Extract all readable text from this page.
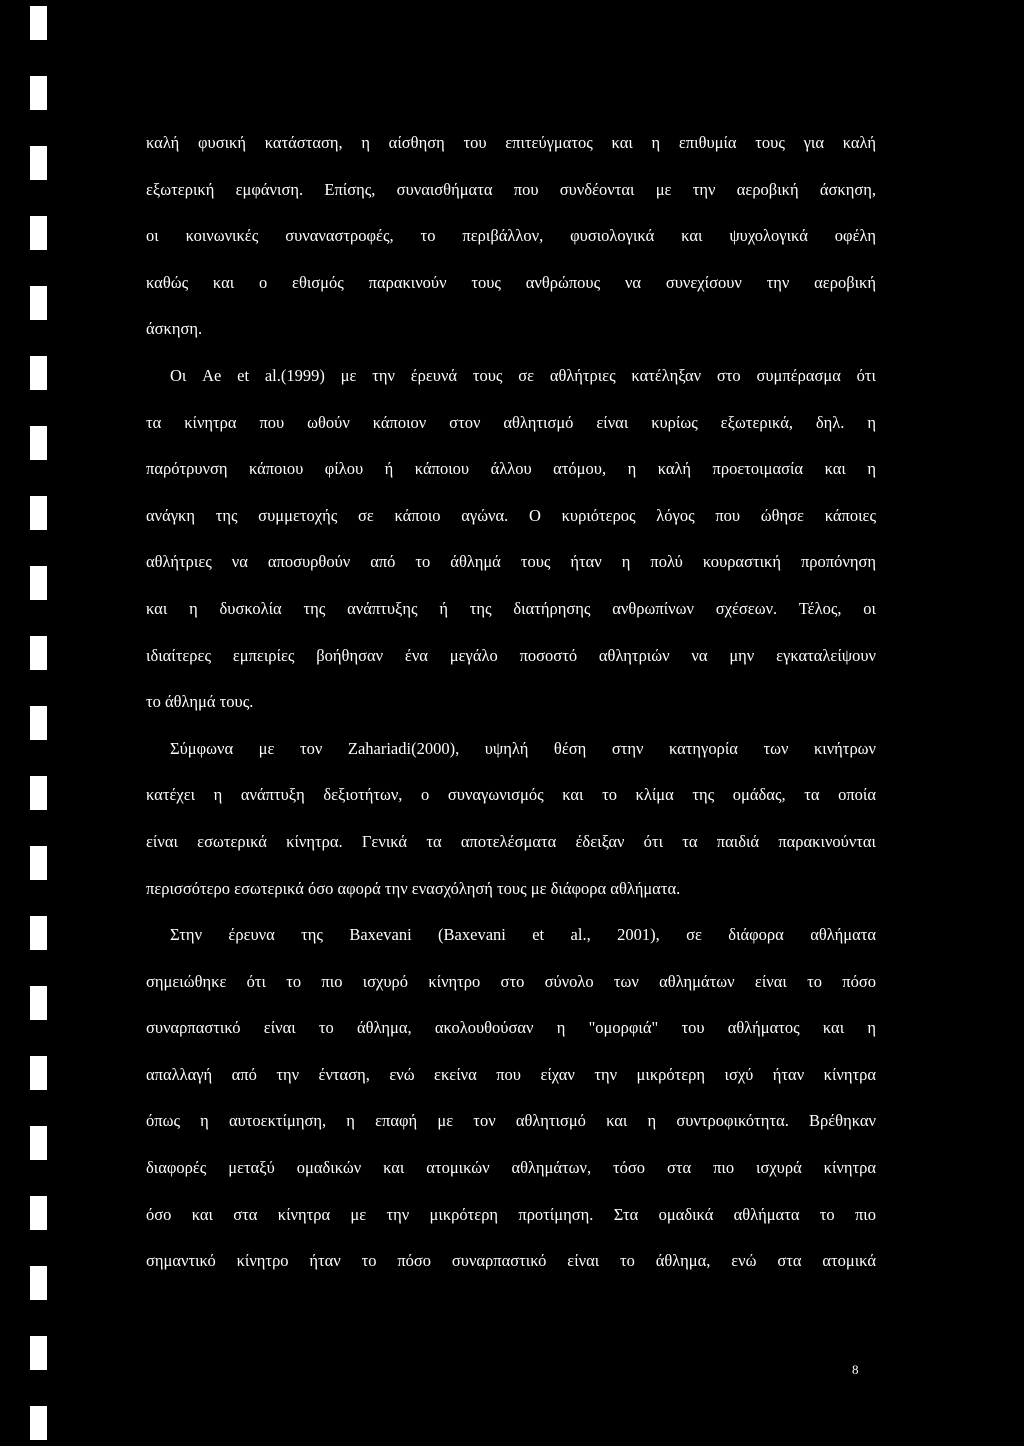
καλή φυσική κατάσταση, η αίσθηση του επιτεύγματος και η επιθυμία τους για καλή
εξωτερική εμφάνιση. Επίσης, συναισθήματα που συνδέονται με την αεροβική άσκηση,
οι κοινωνικές συναναστροφές, το περιβάλλον, φυσιολογικά και ψυχολογικά οφέλη
καθώς και ο εθισμός παρακινούν τους ανθρώπους να συνεχίσουν την αεροβική
άσκηση.
Οι Ae et al.(1999) με την έρευνά τους σε αθλήτριες κατέληξαν στο συμπέρασμα ότι
τα κίνητρα που ωθούν κάποιον στον αθλητισμό είναι κυρίως εξωτερικά, δηλ. η
παρότρυνση κάποιου φίλου ή κάποιου άλλου ατόμου, η καλή προετοιμασία και η
ανάγκη της συμμετοχής σε κάποιο αγώνα. Ο κυριότερος λόγος που ώθησε κάποιες
αθλήτριες να αποσυρθούν από το άθλημά τους ήταν η πολύ κουραστική προπόνηση
και η δυσκολία της ανάπτυξης ή της διατήρησης ανθρωπίνων σχέσεων. Τέλος, οι
ιδιαίτερες εμπειρίες βοήθησαν ένα μεγάλο ποσοστό αθλητριών να μην εγκαταλείψουν
το άθλημά τους.
Σύμφωνα με τον Zahariadi(2000), υψηλή θέση στην κατηγορία των κινήτρων
κατέχει η ανάπτυξη δεξιοτήτων, ο συναγωνισμός και το κλίμα της ομάδας, τα οποία
είναι εσωτερικά κίνητρα. Γενικά τα αποτελέσματα έδειξαν ότι τα παιδιά παρακινούνται
περισσότερο εσωτερικά όσο αφορά την ενασχόλησή τους με διάφορα αθλήματα.
Στην έρευνα της Baxevani (Baxevani et al., 2001), σε διάφορα αθλήματα
σημειώθηκε ότι το πιο ισχυρό κίνητρο στο σύνολο των αθλημάτων είναι το πόσο
συναρπαστικό είναι το άθλημα, ακολουθούσαν η "ομορφιά" του αθλήματος και η
απαλλαγή από την ένταση, ενώ εκείνα που είχαν την μικρότερη ισχύ ήταν κίνητρα
όπως η αυτοεκτίμηση, η επαφή με τον αθλητισμό και η συντροφικότητα. Βρέθηκαν
διαφορές μεταξύ ομαδικών και ατομικών αθλημάτων, τόσο στα πιο ισχυρά κίνητρα
όσο και στα κίνητρα με την μικρότερη προτίμηση. Στα ομαδικά αθλήματα το πιο
σημαντικό κίνητρο ήταν το πόσο συναρπαστικό είναι το άθλημα, ενώ στα ατομικά
8
